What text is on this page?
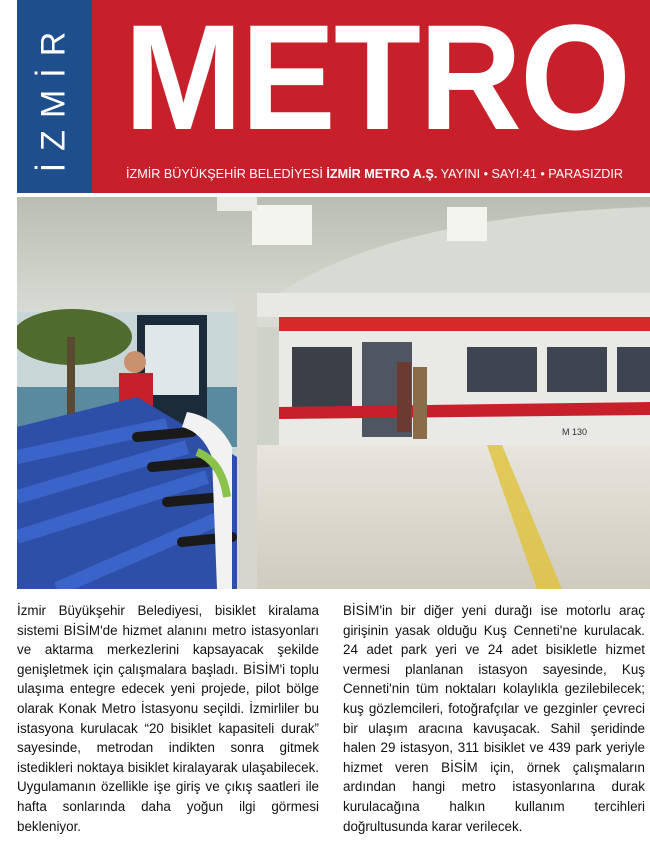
İZMİR METRO
İZMİR BÜYÜKŞEHİR BELEDİYESİ İZMİR METRO A.Ş. YAYINI • SAYI:41 • PARASIZDIR
M 130
İzmir Büyükşehir Belediyesi, bisiklet kiralama sistemi BİSİM'de hizmet alanını metro istasyonları ve aktarma merkezlerini kapsayacak şekilde genişletmek için çalışmalara başladı. BİSİM'i toplu ulaşıma entegre edecek yeni projede, pilot bölge olarak Konak Metro İstasyonu seçildi. İzmirliler bu istasyona kurulacak “20 bisiklet kapasiteli durak” sayesinde, metrodan indikten sonra gitmek istedikleri noktaya bisiklet kiralayarak ulaşabilecek. Uygulamanın özellikle işe giriş ve çıkış saatleri ile hafta sonlarında daha yoğun ilgi görmesi bekleniyor.
BİSİM'in bir diğer yeni durağı ise motorlu araç girişinin yasak olduğu Kuş Cenneti'ne kurulacak. 24 adet park yeri ve 24 adet bisikletle hizmet vermesi planlanan istasyon sayesinde, Kuş Cenneti'nin tüm noktaları kolaylıkla gezilebilecek; kuş gözlemcileri, fotoğrafçılar ve gezginler çevreci bir ulaşım aracına kavuşacak. Sahil şeridinde halen 29 istasyon, 311 bisiklet ve 439 park yeriyle hizmet veren BİSİM için, örnek çalışmaların ardından hangi metro istasyonlarına durak kurulacağına halkın kullanım tercihleri doğrultusunda karar verilecek.
